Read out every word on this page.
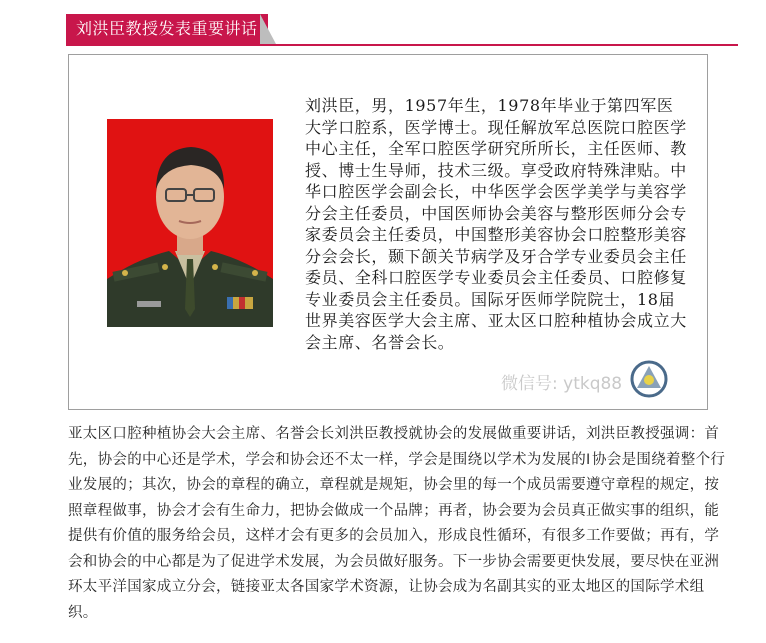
刘洪臣教授发表重要讲话
刘洪臣，男，1957年生，1978年毕业于第四军医大学口腔系，医学博士。现任解放军总医院口腔医学中心主任，全军口腔医学研究所所长，主任医师、教授、博士生导师，技术三级。享受政府特殊津贴。中华口腔医学会副会长，中华医学会医学美学与美容学分会主任委员，中国医师协会美容与整形医师分会专家委员会主任委员，中国整形美容协会口腔整形美容分会会长，颞下颌关节病学及牙合学专业委员会主任委员、全科口腔医学专业委员会主任委员、口腔修复专业委员会主任委员。国际牙医师学院院士，18届世界美容医学大会主席、亚太区口腔种植协会成立大会主席、名誉会长。
微信号: ytkq88
亚太区口腔种植协会大会主席、名誉会长刘洪臣教授就协会的发展做重要讲话，刘洪臣教授强调：首先，协会的中心还是学术，学会和协会还不太一样，学会是围绕以学术为发展的I协会是围绕着整个行业发展的；其次，协会的章程的确立，章程就是规矩，协会里的每一个成员需要遵守章程的规定，按照章程做事，协会才会有生命力，把协会做成一个品牌；再者，协会要为会员真正做实事的组织，能提供有价值的服务给会员，这样才会有更多的会员加入，形成良性循环，有很多工作要做；再有，学会和协会的中心都是为了促进学术发展，为会员做好服务。下一步协会需要更快发展，要尽快在亚洲环太平洋国家成立分会，链接亚太各国家学术资源，让协会成为名副其实的亚太地区的国际学术组织。
